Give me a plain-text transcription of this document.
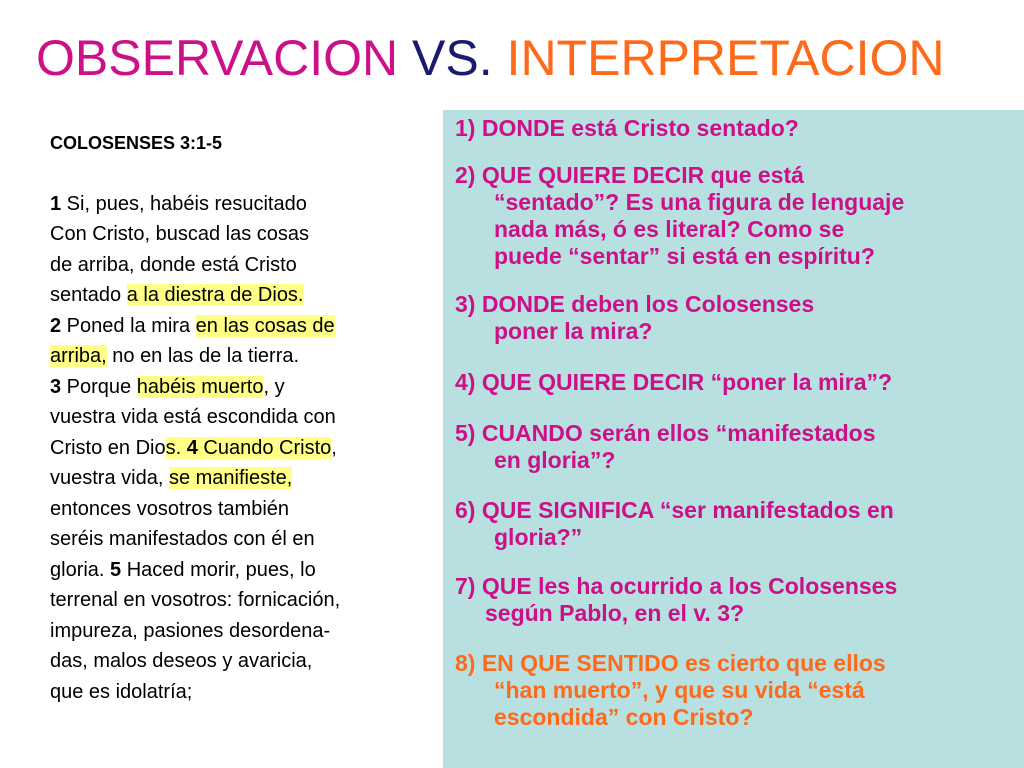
OBSERVACION VS. INTERPRETACION
COLOSENSES 3:1-5
1 Si, pues, habéis resucitado
Con Cristo, buscad las cosas
de arriba, donde está Cristo
sentado a la diestra de Dios.
2 Poned la mira en las cosas de
arriba, no en las de la tierra.
3 Porque habéis muerto, y
vuestra vida está escondida con
Cristo en Dios. 4 Cuando Cristo,
vuestra vida, se manifieste,
entonces vosotros también
seréis manifestados con él en
gloria. 5 Haced morir, pues, lo
terrenal en vosotros: fornicación,
impureza, pasiones desordena-
das, malos deseos y avaricia,
que es idolatría;
1) DONDE está Cristo sentado?
2) QUE QUIERE DECIR que está
“sentado”? Es una figura de lenguaje
nada más, ó es literal? Como se
puede “sentar” si está en espíritu?
3) DONDE deben los Colosenses
poner la mira?
4) QUE QUIERE DECIR “poner la mira”?
5) CUANDO serán ellos “manifestados
en gloria”?
6) QUE SIGNIFICA “ser manifestados en
gloria?”
7) QUE les ha ocurrido a los Colosenses
según Pablo, en el v. 3?
8) EN QUE SENTIDO es cierto que ellos
“han muerto”, y que su vida “está
escondida” con Cristo?
